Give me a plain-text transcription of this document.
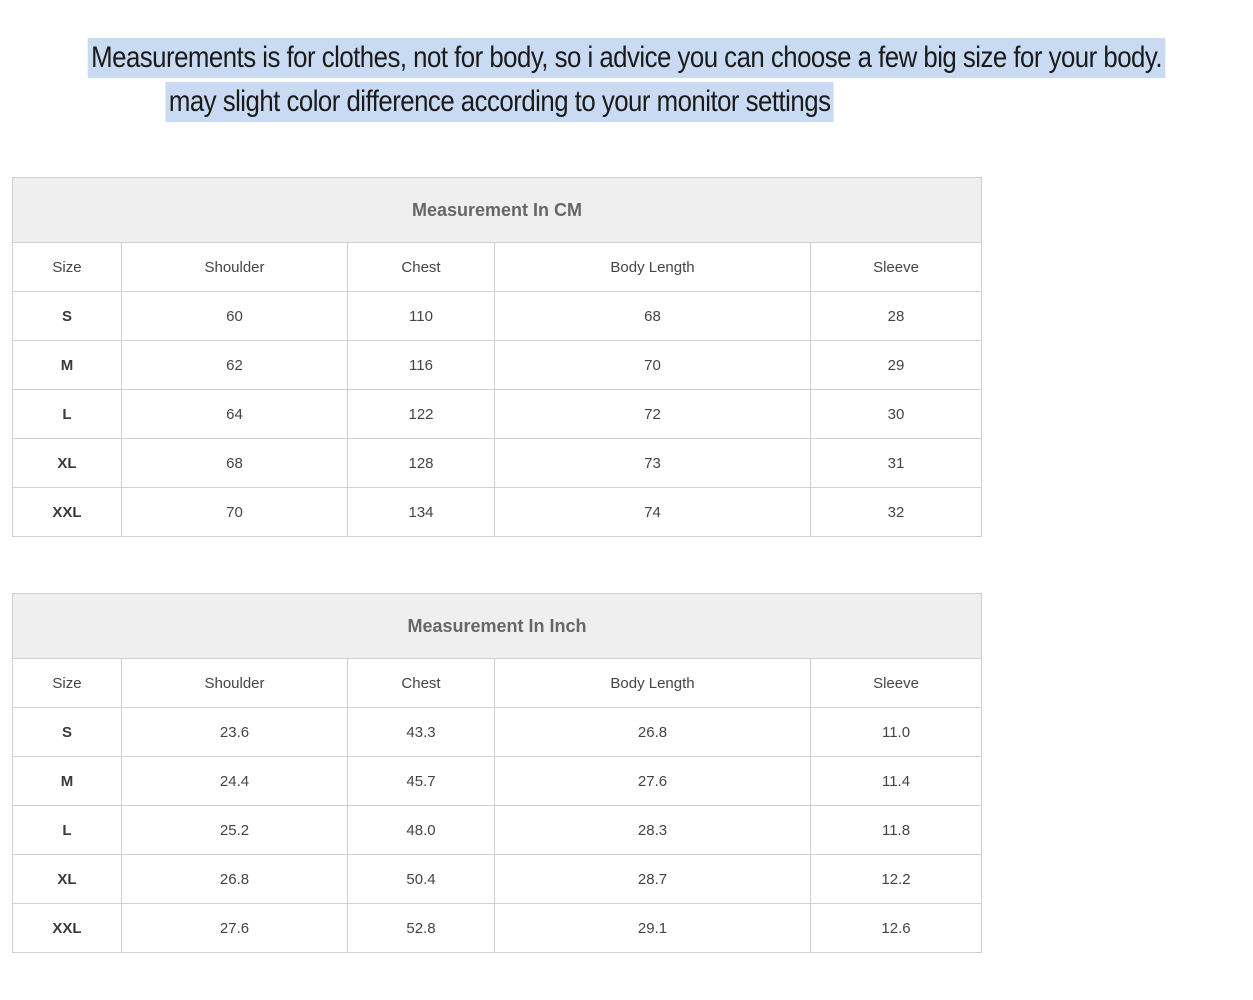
Measurements is for clothes, not for body, so i advice you can choose a few big size for your body.
may slight color difference according to your monitor settings
Measurement In CM				
Size	Shoulder	Chest	Body Length	Sleeve
S	60	110	68	28
M	62	116	70	29
L	64	122	72	30
XL	68	128	73	31
XXL	70	134	74	32
Measurement In Inch				
Size	Shoulder	Chest	Body Length	Sleeve
S	23.6	43.3	26.8	11.0
M	24.4	45.7	27.6	11.4
L	25.2	48.0	28.3	11.8
XL	26.8	50.4	28.7	12.2
XXL	27.6	52.8	29.1	12.6
